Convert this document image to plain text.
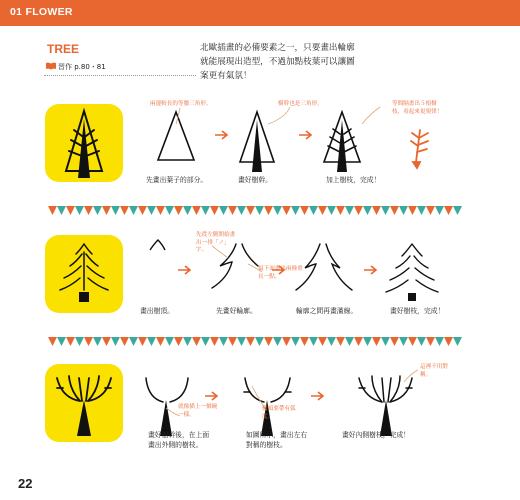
01 FLOWER
TREE
習作 p.80・81
北歐插畫的必備要素之一，只要畫出輪廓
就能展現出造型，不過加點枝葉可以讓圖
案更有氣氛！
兩邊較長的等腰三角形。	樹幹也是三角形。	等間隔畫出５根樹枝，看起來更規律！
先畫出葉子的部分。	畫好樹幹。	加上樹枝，完成！
先從左側開始畫出一排「ノ」字。
最下面畫出兩條重長一點。
畫出樹頂。	先畫好輪廓。	輪廓之間再畫滿線。	畫好樹枝，完成！
就像描上一個碗一樣。
樹頭要帶有弧度。
這裡不用對稱。
畫好樹幹後，在上面
畫出外側的樹枝。
如圖所示，畫出左右
對稱的樹枝。
畫好內側樹枝，完成！
22
